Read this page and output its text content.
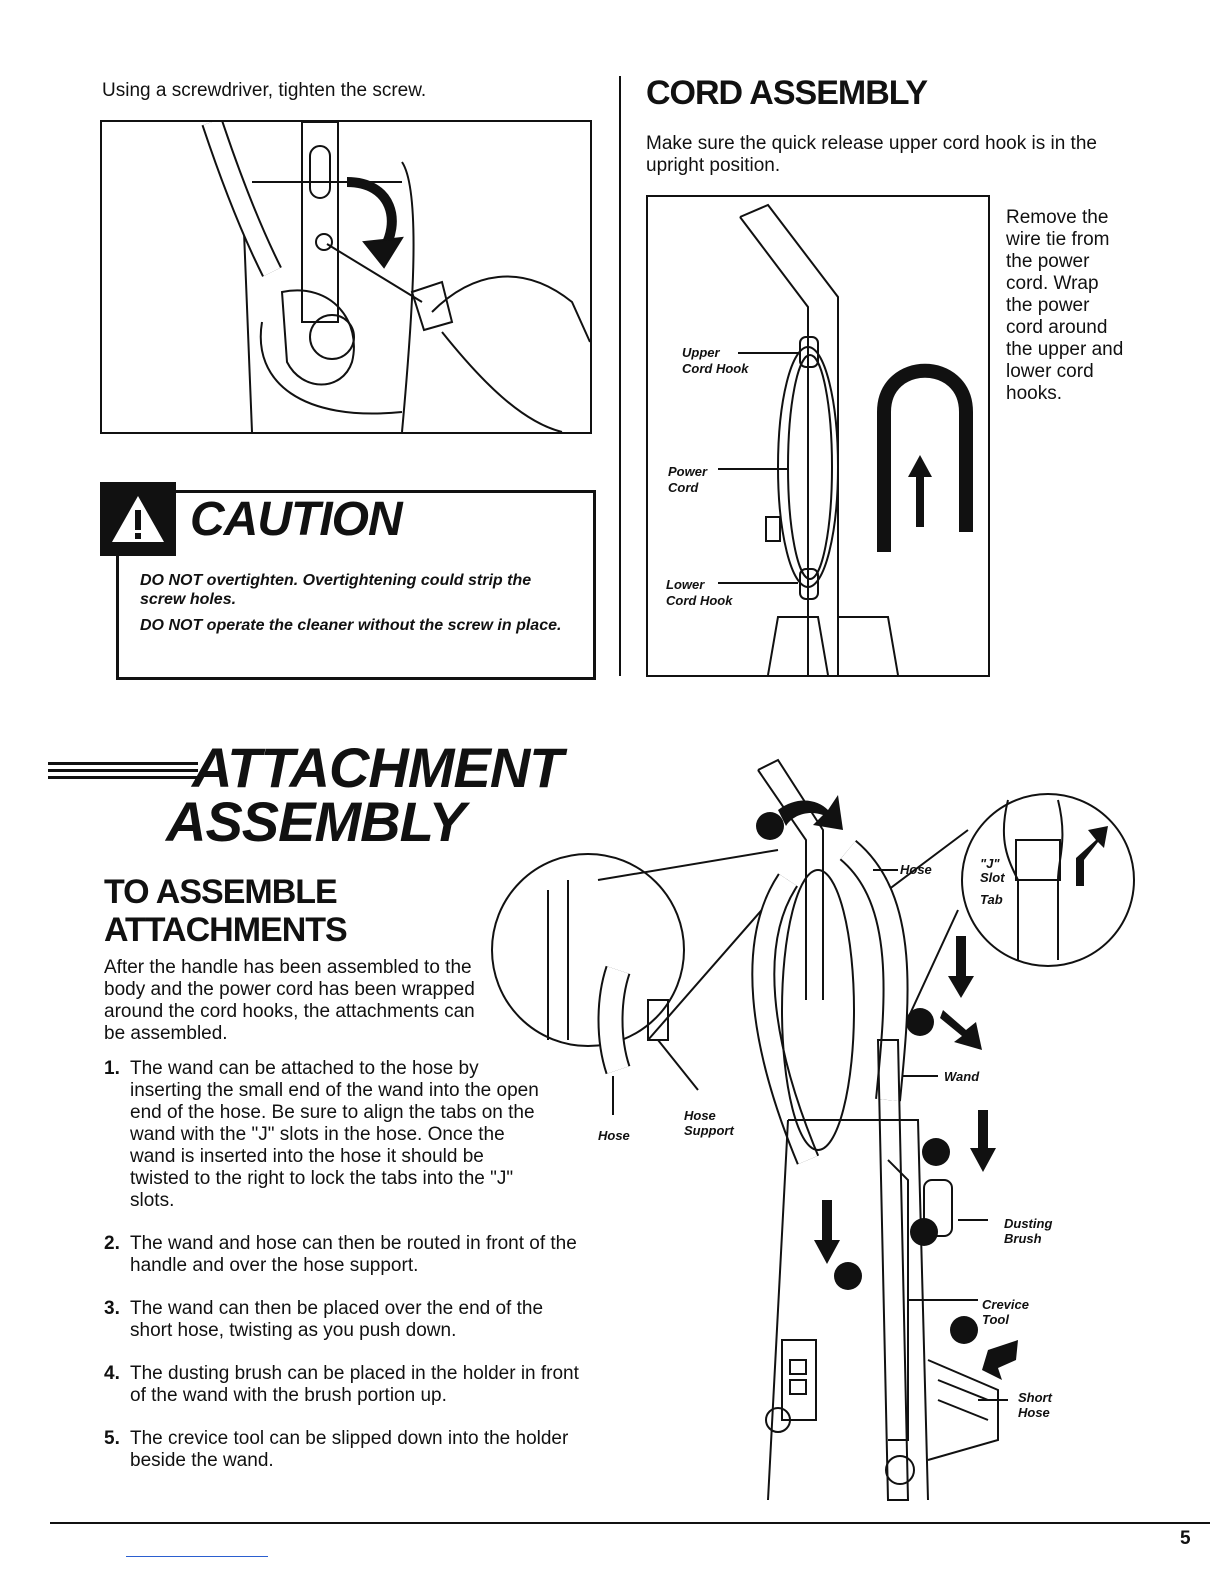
Using a screwdriver, tighten the screw.
CAUTION
DO NOT overtighten. Overtightening could strip the screw holes.
DO NOT operate the cleaner without the screw in place.
CORD ASSEMBLY
Make sure the quick release upper cord hook is in the upright position.
Upper
Cord Hook
Power
Cord
Lower
Cord Hook
Remove the wire tie from the power cord. Wrap the power cord around the upper and lower cord hooks.
ATTACHMENT
ASSEMBLY
TO ASSEMBLE ATTACHMENTS
After the handle has been assembled to the body and the power cord has been wrapped around the cord hooks, the attachments can be assembled.
1. The wand can be attached to the hose by inserting the small end of the wand into the open end of the hose. Be sure to align the tabs on the wand with the "J" slots in the hose. Once the wand is inserted into the hose it should be twisted to the right to lock the tabs into the "J" slots.
2. The wand and hose can then be routed in front of the handle and over the hose support.
3. The wand can then be placed over the end of the short hose, twisting as you push down.
4. The dusting brush can be placed in the holder in front of the wand with the brush portion up.
5. The crevice tool can be slipped down into the holder beside the wand.
Hose	"J"
Slot
Tab
Hose
Hose
Support
Wand
Dusting
Brush
Crevice
Tool
Short
Hose
5
